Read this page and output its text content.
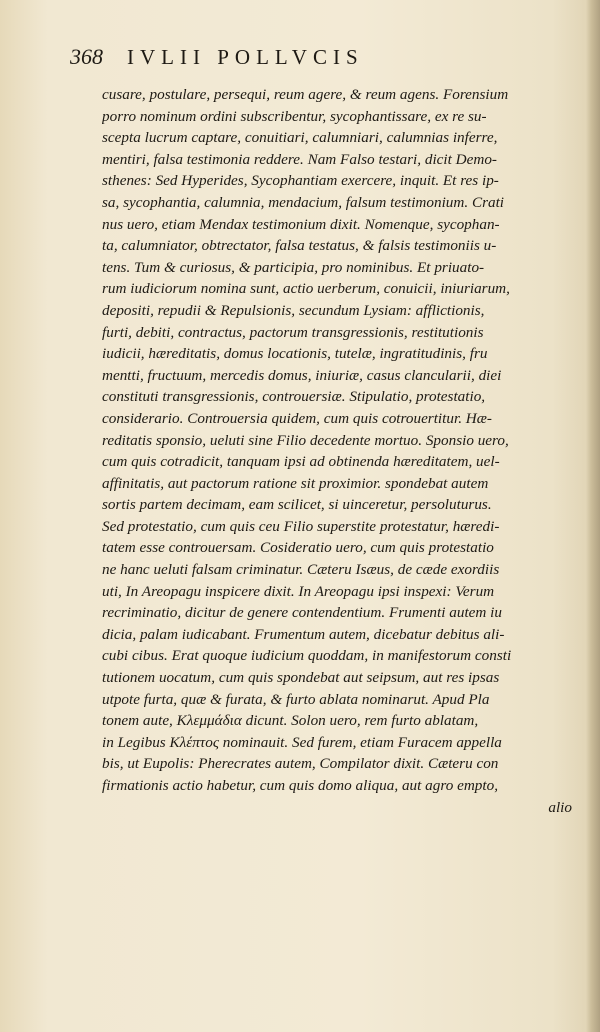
368 IVLII POLLVCIS
cusare, postulare, persequi, reum agere, & reum agens. Forensium
porro nominum ordini subscribentur, sycophantissare, ex re su-
scepta lucrum captare, conuitiari, calumniari, calumnias inferre,
mentiri, falsa testimonia reddere. Nam Falso testari, dicit Demo-
sthenes: Sed Hyperides, Sycophantiam exercere, inquit. Et res ip-
sa, sycophantia, calumnia, mendacium, falsum testimonium. Crati
nus uero, etiam Mendax testimonium dixit. Nomenque, sycophan-
ta, calumniator, obtrectator, falsa testatus, & falsis testimoniis u-
tens. Tum & curiosus, & participia, pro nominibus. Et priuato-
rum iudiciorum nomina sunt, actio uerberum, conuicii, iniuriarum,
depositi, repudii & Repulsionis, secundum Lysiam: afflictionis,
furti, debiti, contractus, pactorum transgressionis, restitutionis
iudicii, hæreditatis, domus locationis, tutelæ, ingratitudinis, fru
mentti, fructuum, mercedis domus, iniuriæ, casus clancularii, diei
constituti transgressionis, controuersiæ. Stipulatio, protestatio,
considerario. Controuersia quidem, cum quis cotrouertitur. Hæ-
reditatis sponsio, ueluti sine Filio decedente mortuo. Sponsio uero,
cum quis cotradicit, tanquam ipsi ad obtinenda hæreditatem, uel-
affinitatis, aut pactorum ratione sit proximior. spondebat autem
sortis partem decimam, eam scilicet, si uinceretur, persoluturus.
Sed protestatio, cum quis ceu Filio superstite protestatur, hæredi-
tatem esse controuersam. Cosideratio uero, cum quis protestatio
ne hanc ueluti falsam criminatur. Cæteru Isæus, de cæde exordiis
uti, In Areopagu inspicere dixit. In Areopagu ipsi inspexi: Verum
recriminatio, dicitur de genere contendentium. Frumenti autem iu
dicia, palam iudicabant. Frumentum autem, dicebatur debitus ali-
cubi cibus. Erat quoque iudicium quoddam, in manifestorum consti
tutionem uocatum, cum quis spondebat aut seipsum, aut res ipsas
utpote furta, quæ & furata, & furto ablata nominarut. Apud Pla
tonem aute, Κλεμμάδια dicunt. Solon uero, rem furto ablatam,
in Legibus Κλέπτος nominauit. Sed furem, etiam Furacem appella
bis, ut Eupolis: Pherecrates autem, Compilator dixit. Cæteru con
firmationis actio habetur, cum quis domo aliqua, aut agro empto,
alio
